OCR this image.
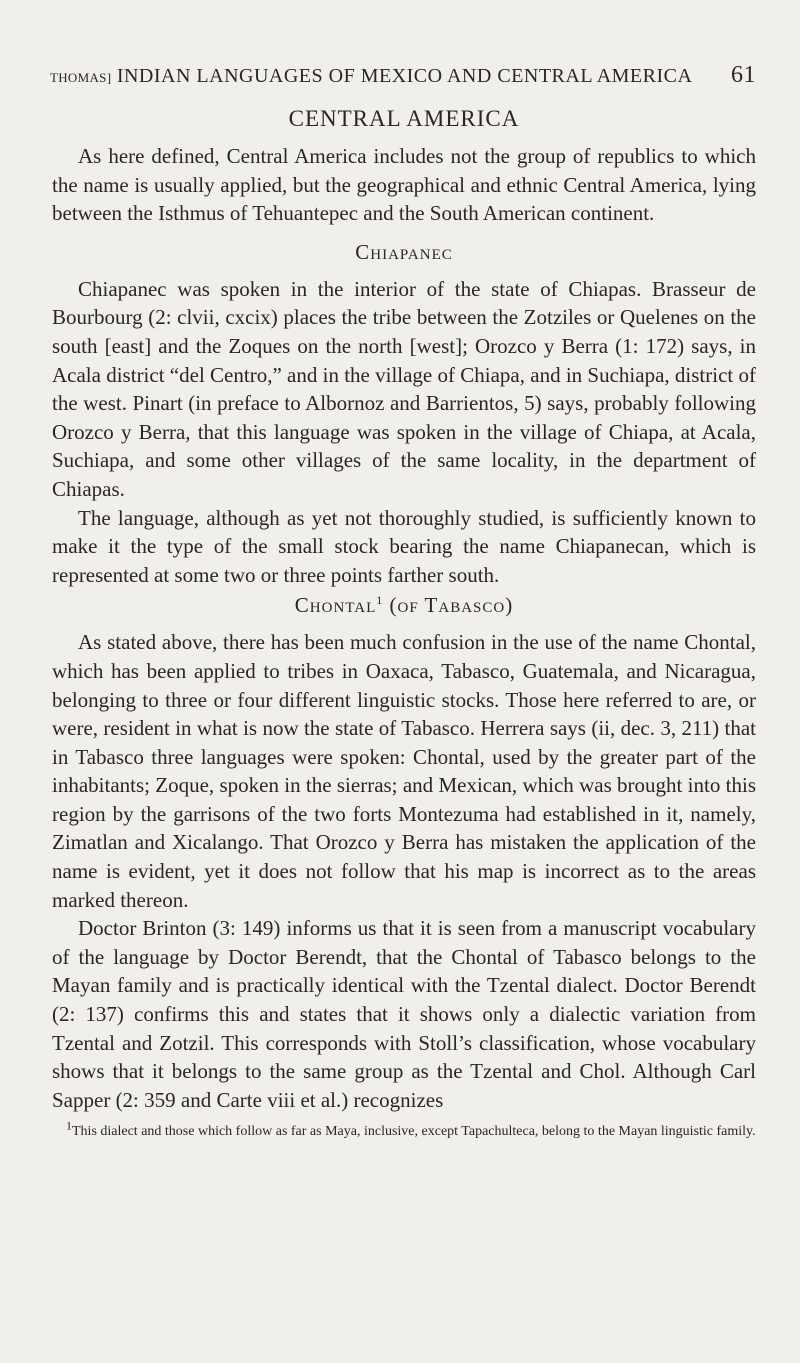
THOMAS] INDIAN LANGUAGES OF MEXICO AND CENTRAL AMERICA 61
CENTRAL AMERICA

As here defined, Central America includes not the group of republics to which the name is usually applied, but the geographical and ethnic Central America, lying between the Isthmus of Tehuantepec and the South American continent.

Chiapanec

Chiapanec was spoken in the interior of the state of Chiapas. Brasseur de Bourbourg (2: clvii, cxcix) places the tribe between the Zotziles or Quelenes on the south [east] and the Zoques on the north [west]; Orozco y Berra (1: 172) says, in Acala district “del Centro,” and in the village of Chiapa, and in Suchiapa, district of the west. Pinart (in preface to Albornoz and Barrientos, 5) says, probably following Orozco y Berra, that this language was spoken in the village of Chiapa, at Acala, Suchiapa, and some other villages of the same locality, in the department of Chiapas.

The language, although as yet not thoroughly studied, is sufficiently known to make it the type of the small stock bearing the name Chiapanecan, which is represented at some two or three points farther south.

Chontal$^1$ (of Tabasco)

As stated above, there has been much confusion in the use of the name Chontal, which has been applied to tribes in Oaxaca, Tabasco, Guatemala, and Nicaragua, belonging to three or four different linguistic stocks. Those here referred to are, or were, resident in what is now the state of Tabasco. Herrera says (ii, dec. 3, 211) that in Tabasco three languages were spoken: Chontal, used by the greater part of the inhabitants; Zoque, spoken in the sierras; and Mexican, which was brought into this region by the garrisons of the two forts Montezuma had established in it, namely, Zimatlan and Xicalango. That Orozco y Berra has mistaken the application of the name is evident, yet it does not follow that his map is incorrect as to the areas marked thereon.

Doctor Brinton (3: 149) informs us that it is seen from a manuscript vocabulary of the language by Doctor Berendt, that the Chontal of Tabasco belongs to the Mayan family and is practically identical with the Tzental dialect. Doctor Berendt (2: 137) confirms this and states that it shows only a dialectic variation from Tzental and Zotzil. This corresponds with Stoll’s classification, whose vocabulary shows that it belongs to the same group as the Tzental and Chol. Although Carl Sapper (2: 359 and Carte viii et al.) recognizes

1This dialect and those which follow as far as Maya, inclusive, except Tapachulteca, belong to the Mayan linguistic family.
